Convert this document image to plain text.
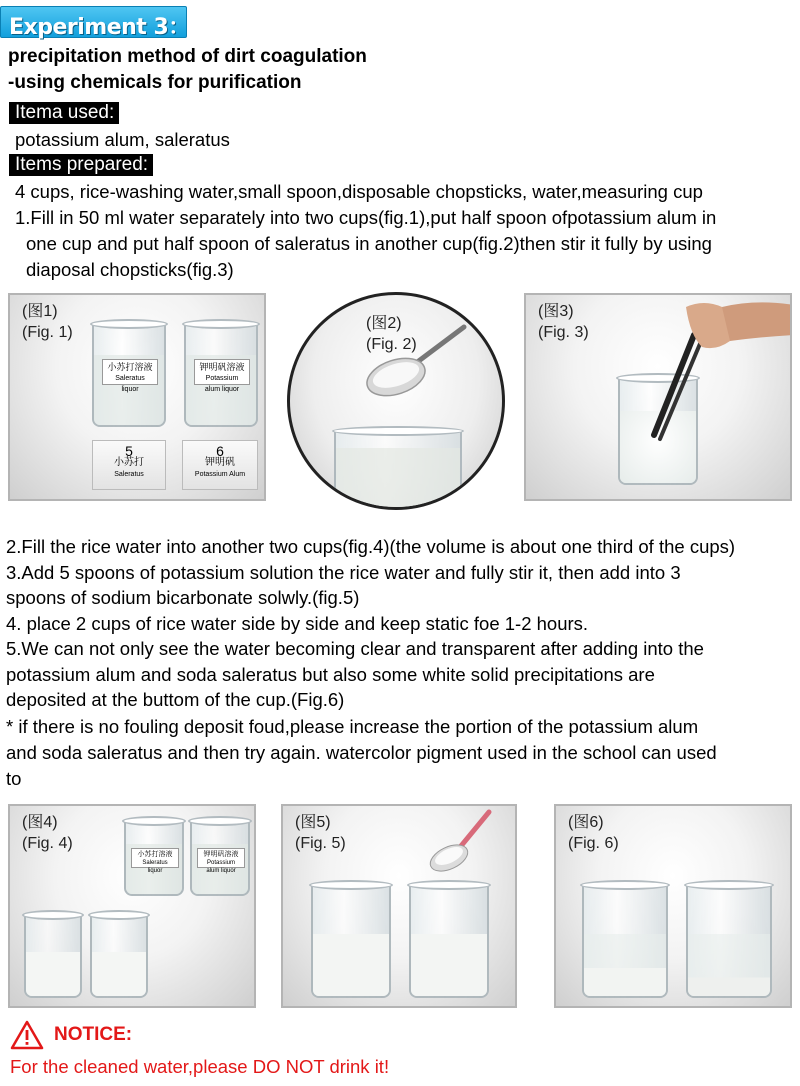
Experiment 3：
precipitation method of dirt coagulation
-using chemicals for purification
Itema used:
potassium alum, saleratus
Items prepared:
4 cups, rice-washing water,small spoon,disposable chopsticks, water,measuring cup
1.Fill in 50 ml water separately into two cups(fig.1),put half spoon ofpotassium alum in
one cup and put half spoon of saleratus in another cup(fig.2)then stir it fully by using
diaposal chopsticks(fig.3)
(图1)
(Fig. 1)
小苏打溶液
Saleratus liquor
钾明矾溶液
Potassium alum liquor
5
小苏打
Saleratus
6
钾明矾
Potassium Alum
(图2)
(Fig. 2)
(图3)
(Fig. 3)
2.Fill the rice water into another two cups(fig.4)(the volume is about one third of the cups)
3.Add 5 spoons of potassium solution the rice water and fully stir it, then add into 3
spoons of sodium bicarbonate solwly.(fig.5)
4. place 2 cups of rice water side by side and keep static foe 1-2 hours.
5.We can not only see the water becoming clear and transparent after adding into the
potassium alum and soda saleratus but also some white solid precipitations are
deposited at the buttom of the cup.(Fig.6)
* if there is no fouling deposit foud,please increase the portion of the potassium alum
and soda saleratus and then try again. watercolor pigment used in the school can used
to
(图4)
(Fig. 4)
小苏打溶液
Saleratus liquor
钾明矾溶液
Potassium alum liquor
(图5)
(Fig. 5)
(图6)
(Fig. 6)
NOTICE:
For the cleaned water,please DO NOT drink it!
